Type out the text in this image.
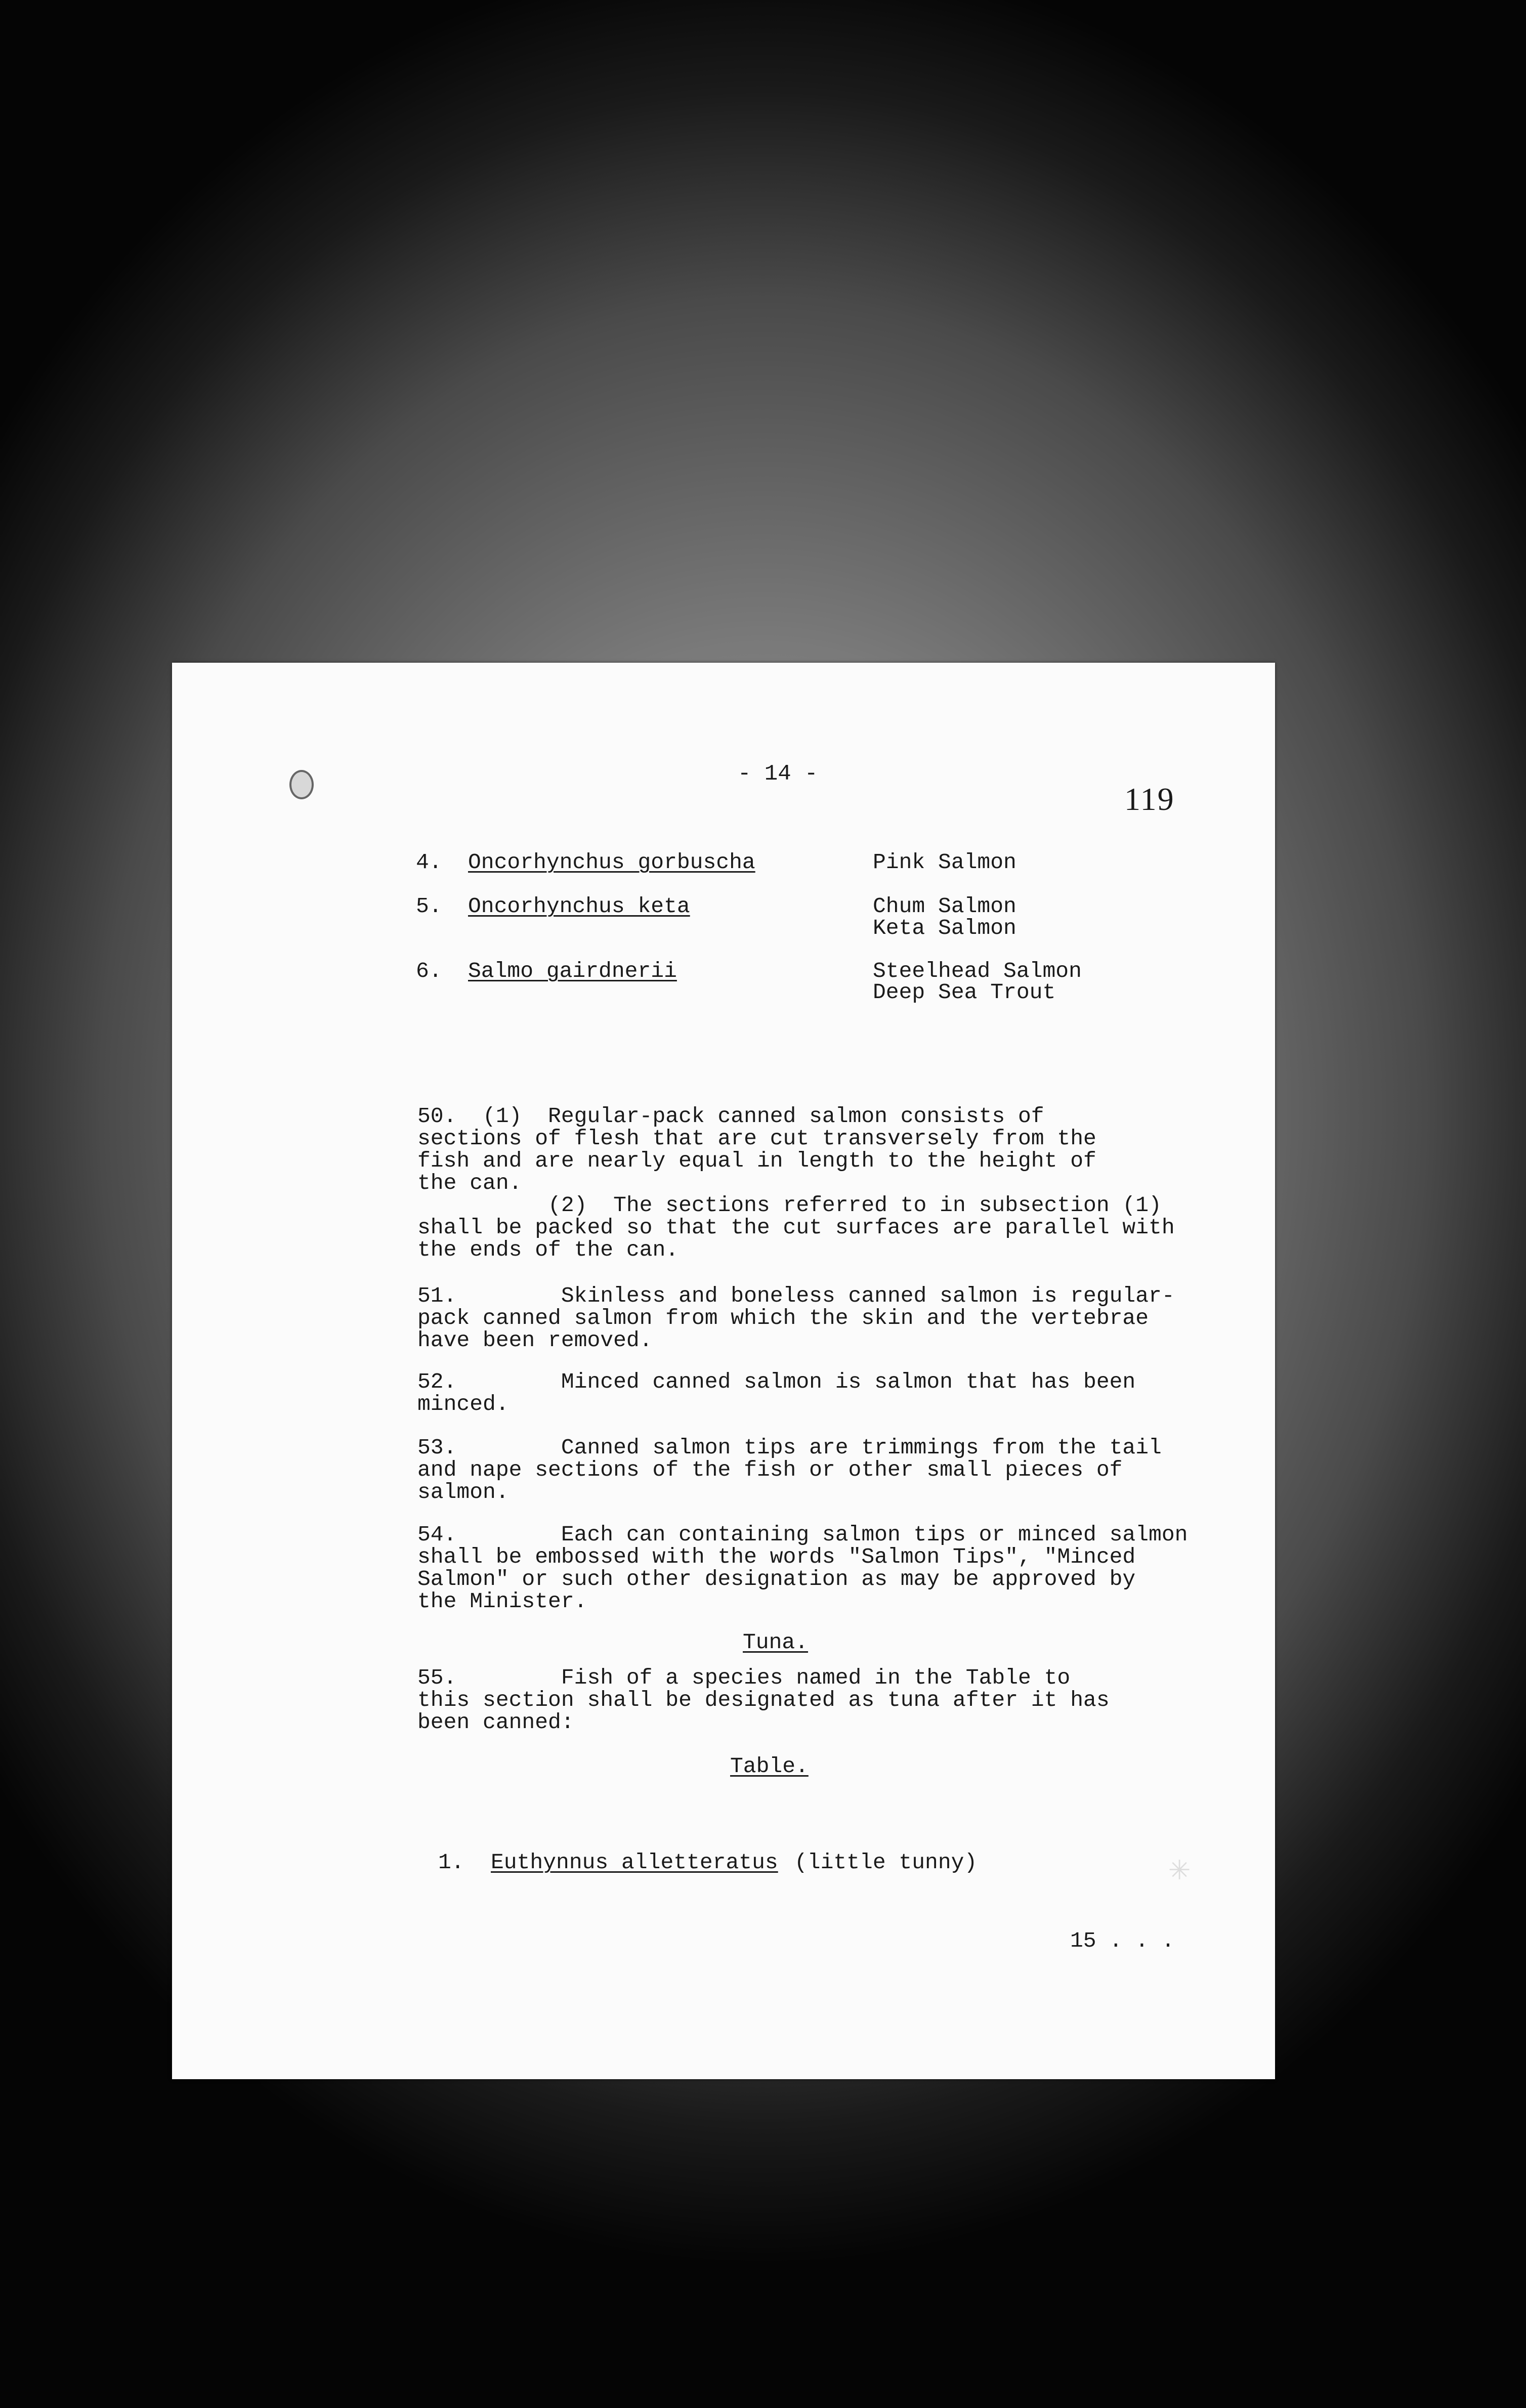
- 14 -
119
4. Oncorhynchus gorbuscha	Pink Salmon
5. Oncorhynchus keta	Chum Salmon
Keta Salmon
6. Salmo gairdnerii	Steelhead Salmon
Deep Sea Trout
50.  (1)  Regular-pack canned salmon consists of
sections of flesh that are cut transversely from the
fish and are nearly equal in length to the height of
the can.
(2)  The sections referred to in subsection (1)
shall be packed so that the cut surfaces are parallel with
the ends of the can.
51.        Skinless and boneless canned salmon is regular-
pack canned salmon from which the skin and the vertebrae
have been removed.
52.        Minced canned salmon is salmon that has been
minced.
53.        Canned salmon tips are trimmings from the tail
and nape sections of the fish or other small pieces of
salmon.
54.        Each can containing salmon tips or minced salmon
shall be embossed with the words "Salmon Tips", "Minced
Salmon" or such other designation as may be approved by
the Minister.
Tuna.
55.        Fish of a species named in the Table to
this section shall be designated as tuna after it has
been canned:
Table.
1. Euthynnus alletteratus (little tunny)	✳
15 . . .
